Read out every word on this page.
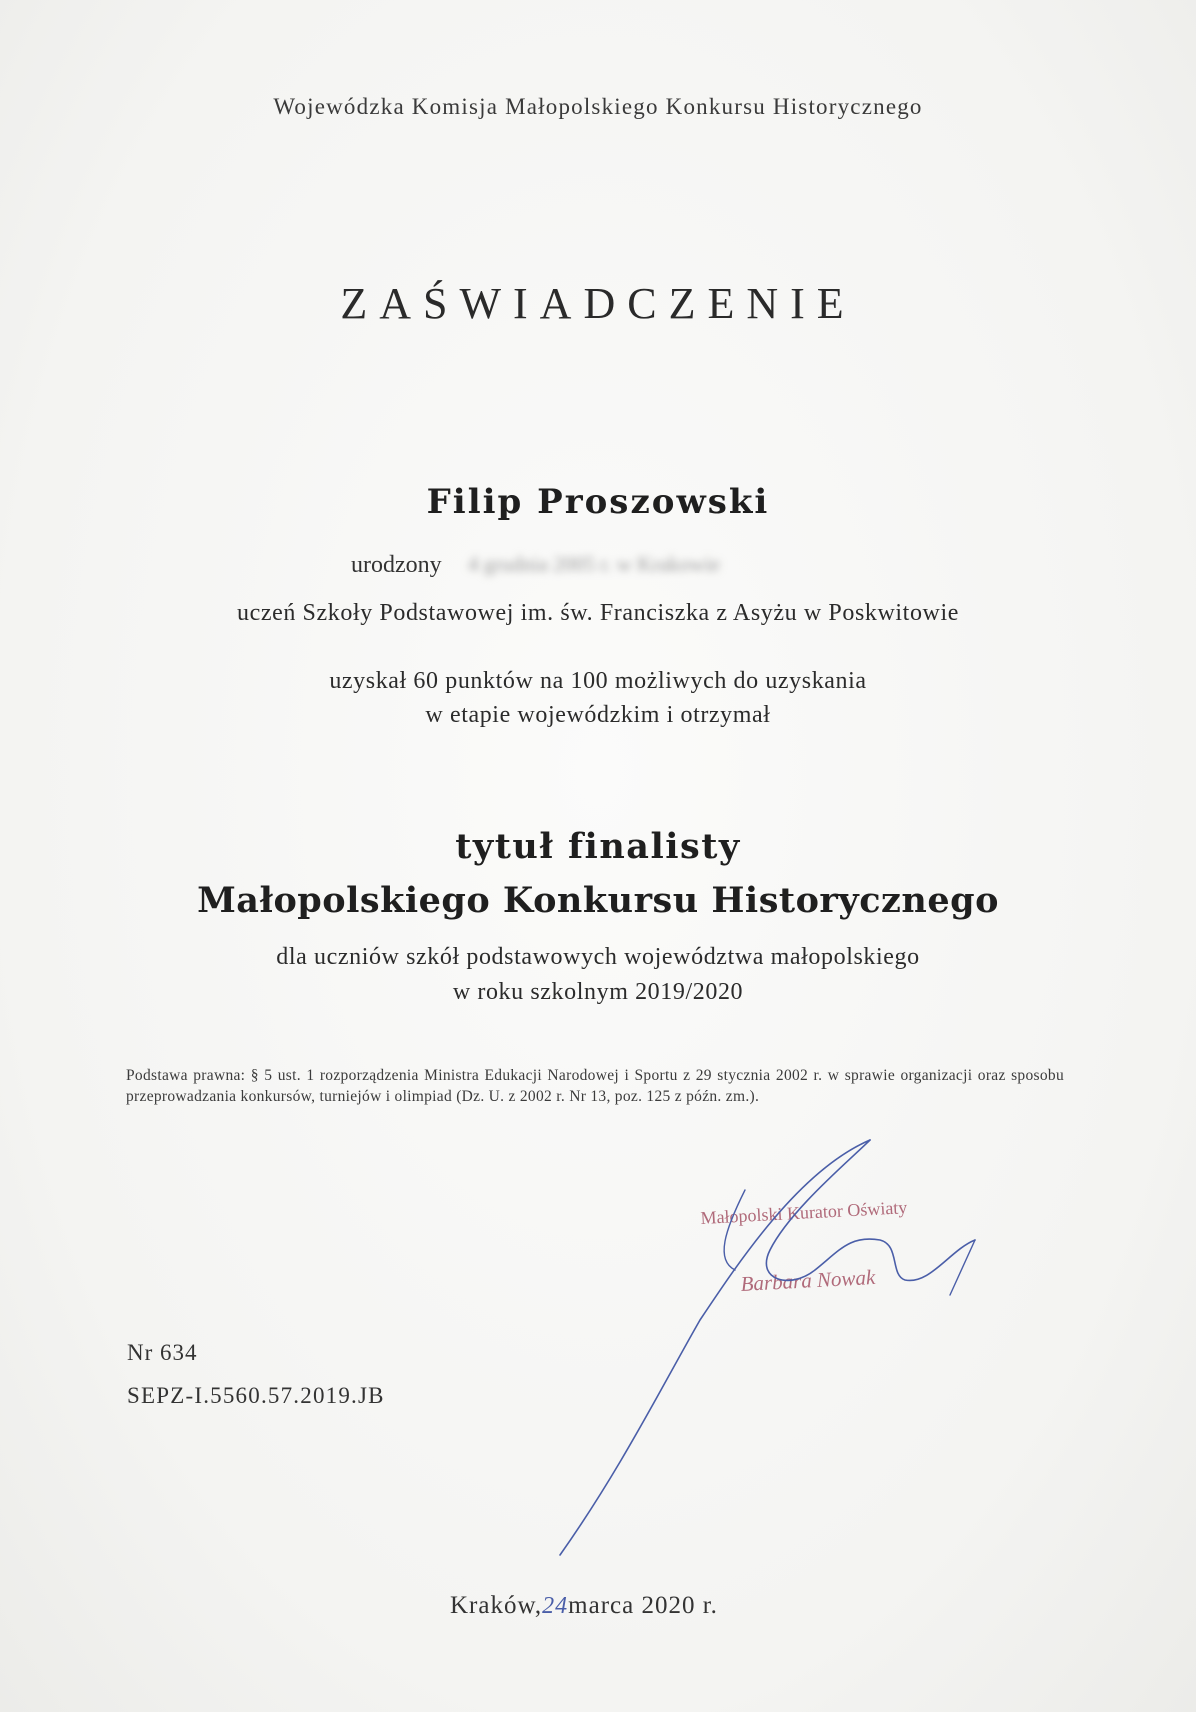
Wojewódzka Komisja Małopolskiego Konkursu Historycznego
ZAŚWIADCZENIE
Filip Proszowski
urodzony 4 grudnia 2005 r. w Krakowie
uczeń Szkoły Podstawowej im. św. Franciszka z Asyżu w Poskwitowie
uzyskał 60 punktów na 100 możliwych do uzyskania
w etapie wojewódzkim i otrzymał
tytuł finalisty
Małopolskiego Konkursu Historycznego
dla uczniów szkół podstawowych województwa małopolskiego
w roku szkolnym 2019/2020
Podstawa prawna: § 5 ust. 1 rozporządzenia Ministra Edukacji Narodowej i Sportu z 29 stycznia 2002 r. w sprawie organizacji oraz sposobu przeprowadzania konkursów, turniejów i olimpiad (Dz. U. z 2002 r. Nr 13, poz. 125 z późn. zm.).
Małopolski Kurator Oświaty
Barbara Nowak
Nr 634
SEPZ-I.5560.57.2019.JB
Kraków,24marca 2020 r.
